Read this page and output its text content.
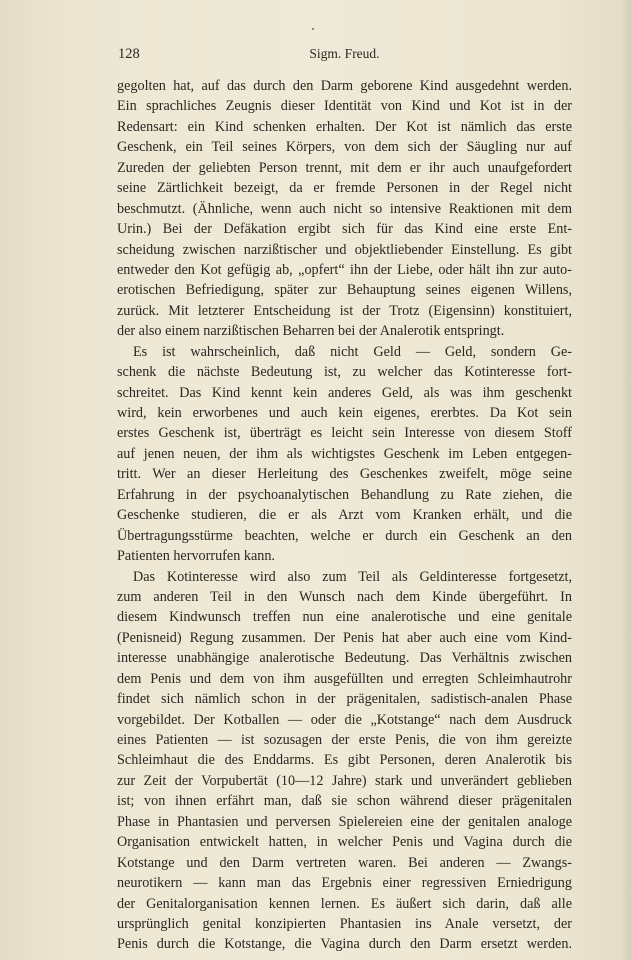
128	Sigm. Freud.
gegolten hat, auf das durch den Darm geborene Kind ausgedehnt werden.
Ein sprachliches Zeugnis dieser Identität von Kind und Kot ist in der
Redensart: ein Kind schenken erhalten. Der Kot ist nämlich das erste
Geschenk, ein Teil seines Körpers, von dem sich der Säugling nur auf
Zureden der geliebten Person trennt, mit dem er ihr auch unaufgefordert
seine Zärtlichkeit bezeigt, da er fremde Personen in der Regel nicht
beschmutzt. (Ähnliche, wenn auch nicht so intensive Reaktionen mit dem
Urin.) Bei der Defäkation ergibt sich für das Kind eine erste Ent-
scheidung zwischen narzißtischer und objektliebender Einstellung. Es gibt
entweder den Kot gefügig ab, „opfert“ ihn der Liebe, oder hält ihn zur auto-
erotischen Befriedigung, später zur Behauptung seines eigenen Willens,
zurück. Mit letzterer Entscheidung ist der Trotz (Eigensinn) konstituiert,
der also einem narzißtischen Beharren bei der Analerotik entspringt.
Es ist wahrscheinlich, daß nicht Geld — Geld, sondern Ge-
schenk die nächste Bedeutung ist, zu welcher das Kotinteresse fort-
schreitet. Das Kind kennt kein anderes Geld, als was ihm geschenkt
wird, kein erworbenes und auch kein eigenes, ererbtes. Da Kot sein
erstes Geschenk ist, überträgt es leicht sein Interesse von diesem Stoff
auf jenen neuen, der ihm als wichtigstes Geschenk im Leben entgegen-
tritt. Wer an dieser Herleitung des Geschenkes zweifelt, möge seine
Erfahrung in der psychoanalytischen Behandlung zu Rate ziehen, die
Geschenke studieren, die er als Arzt vom Kranken erhält, und die
Übertragungsstürme beachten, welche er durch ein Geschenk an den
Patienten hervorrufen kann.
Das Kotinteresse wird also zum Teil als Geldinteresse fortgesetzt,
zum anderen Teil in den Wunsch nach dem Kinde übergeführt. In
diesem Kindwunsch treffen nun eine analerotische und eine genitale
(Penisneid) Regung zusammen. Der Penis hat aber auch eine vom Kind-
interesse unabhängige analerotische Bedeutung. Das Verhältnis zwischen
dem Penis und dem von ihm ausgefüllten und erregten Schleimhautrohr
findet sich nämlich schon in der prägenitalen, sadistisch-analen Phase
vorgebildet. Der Kotballen — oder die „Kotstange“ nach dem Ausdruck
eines Patienten — ist sozusagen der erste Penis, die von ihm gereizte
Schleimhaut die des Enddarms. Es gibt Personen, deren Analerotik bis
zur Zeit der Vorpubertät (10—12 Jahre) stark und unverändert geblieben
ist; von ihnen erfährt man, daß sie schon während dieser prägenitalen
Phase in Phantasien und perversen Spielereien eine der genitalen analoge
Organisation entwickelt hatten, in welcher Penis und Vagina durch die
Kotstange und den Darm vertreten waren. Bei anderen — Zwangs-
neurotikern — kann man das Ergebnis einer regressiven Erniedrigung
der Genitalorganisation kennen lernen. Es äußert sich darin, daß alle
ursprünglich genital konzipierten Phantasien ins Anale versetzt, der
Penis durch die Kotstange, die Vagina durch den Darm ersetzt werden.
